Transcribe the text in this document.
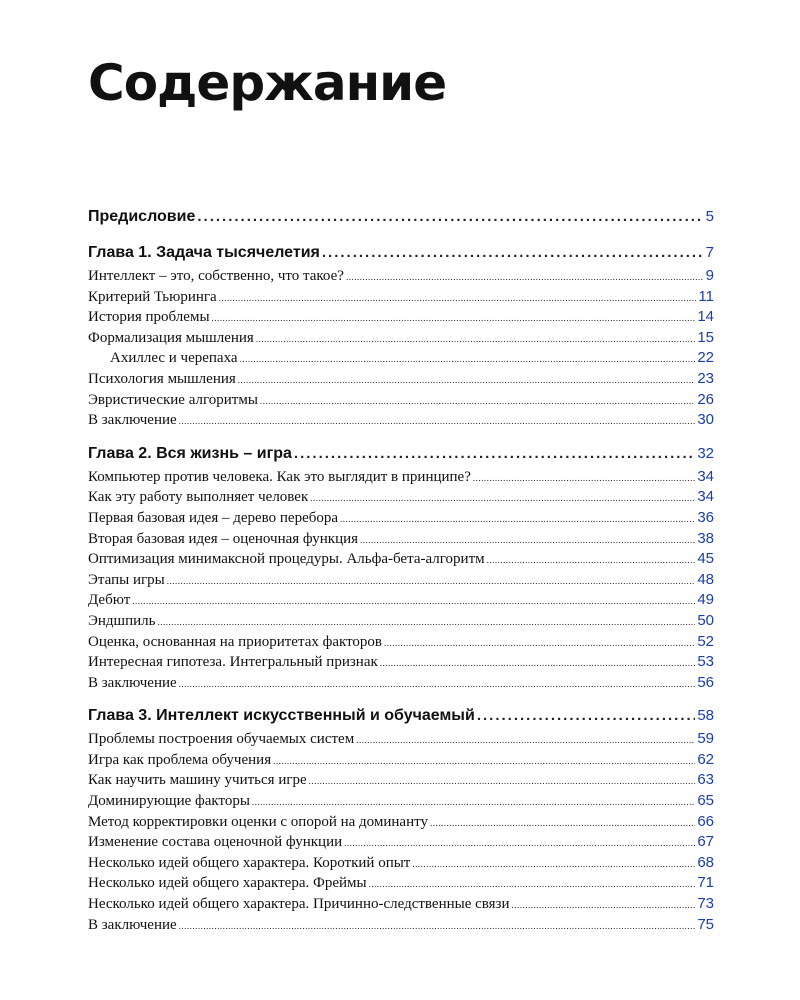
Содержание
Предисловие .....	5
Глава 1. Задача тысячелетия .....	7
Интеллект – это, собственно, что такое? .....	9
Критерий Тьюринга .....	11
История проблемы .....	14
Формализация мышления .....	15
Ахиллес и черепаха .....	22
Психология мышления .....	23
Эвристические алгоритмы .....	26
В заключение .....	30
Глава 2. Вся жизнь – игра .....	32
Компьютер против человека. Как это выглядит в принципе? .....	34
Как эту работу выполняет человек .....	34
Первая базовая идея – дерево перебора .....	36
Вторая базовая идея – оценочная функция .....	38
Оптимизация минимаксной процедуры. Альфа-бета-алгоритм .....	45
Этапы игры .....	48
Дебют .....	49
Эндшпиль .....	50
Оценка, основанная на приоритетах факторов .....	52
Интересная гипотеза. Интегральный признак .....	53
В заключение .....	56
Глава 3. Интеллект искусственный и обучаемый .....	58
Проблемы построения обучаемых систем .....	59
Игра как проблема обучения .....	62
Как научить машину учиться игре .....	63
Доминирующие факторы .....	65
Метод корректировки оценки с опорой на доминанту .....	66
Изменение состава оценочной функции .....	67
Несколько идей общего характера. Короткий опыт .....	68
Несколько идей общего характера. Фреймы .....	71
Несколько идей общего характера. Причинно-следственные связи .....	73
В заключение .....	75
